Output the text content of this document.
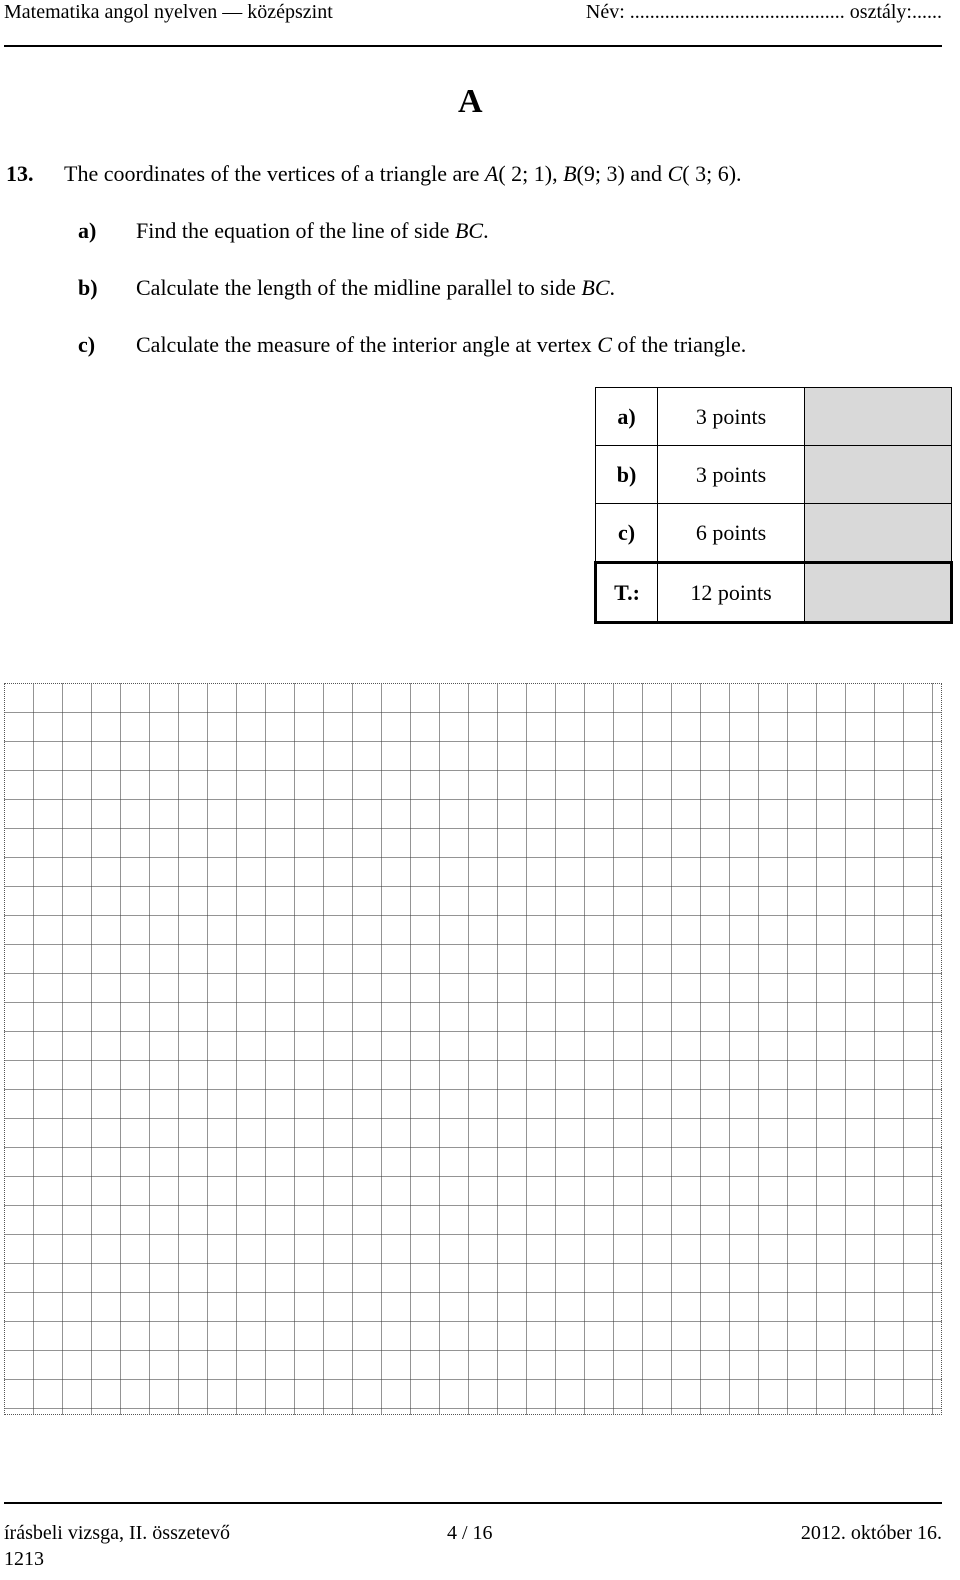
Matematika angol nyelven — középszint	Név: ........................................... osztály:......
A
13. The coordinates of the vertices of a triangle are A( 2; 1), B(9; 3) and C( 3; 6).
a) Find the equation of the line of side BC.
b) Calculate the length of the midline parallel to side BC.
c) Calculate the measure of the interior angle at vertex C of the triangle.
a)	3 points	
b)	3 points	
c)	6 points	
T.:	12 points	
írásbeli vizsga, II. összetevő	4 / 16	2012. október 16.
1213
